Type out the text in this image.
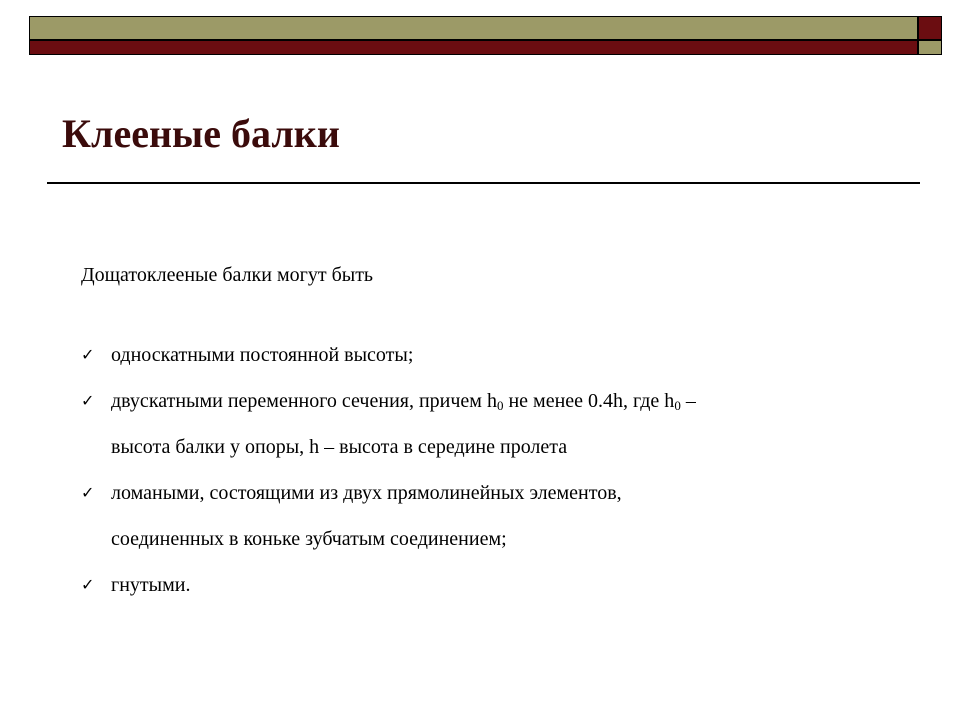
Клееные балки

Дощатоклееные балки могут быть

✓ односкатными постоянной высоты;
✓ двускатными переменного сечения, причем $h_0$ не менее 0.4h, где $h_0$ –
высота балки у опоры, h – высота в середине пролета
✓ ломаными, состоящими из двух прямолинейных элементов,
соединенных в коньке зубчатым соединением;
✓ гнутыми.
